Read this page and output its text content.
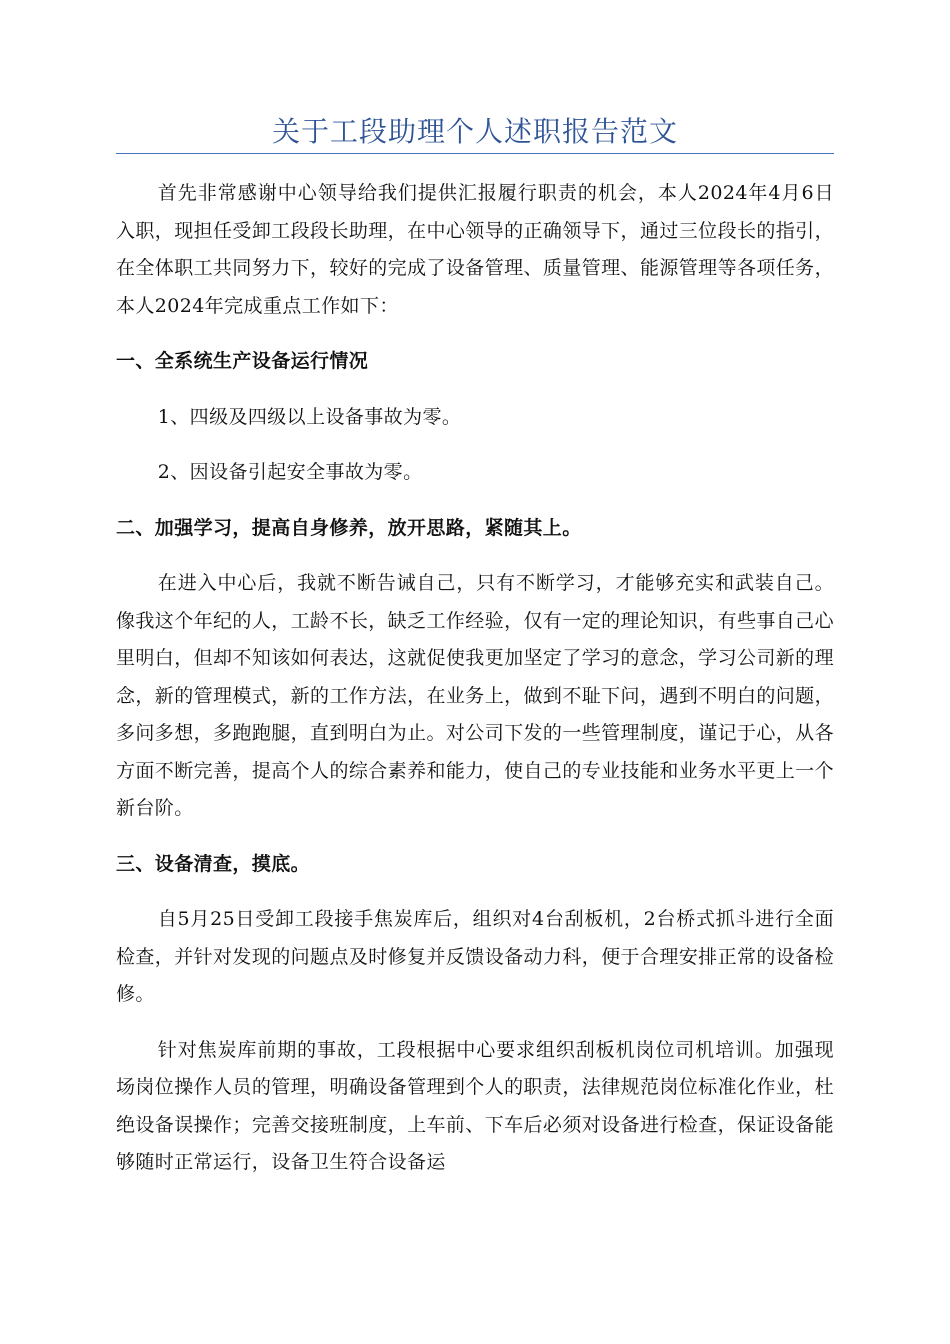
关于工段助理个人述职报告范文

首先非常感谢中心领导给我们提供汇报履行职责的机会，本人2024年4月6日入职，现担任受卸工段段长助理，在中心领导的正确领导下，通过三位段长的指引，在全体职工共同努力下，较好的完成了设备管理、质量管理、能源管理等各项任务，本人2024年完成重点工作如下：

一、全系统生产设备运行情况

1、四级及四级以上设备事故为零。

2、因设备引起安全事故为零。

二、加强学习，提高自身修养，放开思路，紧随其上。

在进入中心后，我就不断告诫自己，只有不断学习，才能够充实和武装自己。像我这个年纪的人，工龄不长，缺乏工作经验，仅有一定的理论知识，有些事自己心里明白，但却不知该如何表达，这就促使我更加坚定了学习的意念，学习公司新的理念，新的管理模式，新的工作方法，在业务上，做到不耻下问，遇到不明白的问题，多问多想，多跑跑腿，直到明白为止。对公司下发的一些管理制度，谨记于心，从各方面不断完善，提高个人的综合素养和能力，使自己的专业技能和业务水平更上一个新台阶。

三、设备清查，摸底。

自5月25日受卸工段接手焦炭库后，组织对4台刮板机，2台桥式抓斗进行全面检查，并针对发现的问题点及时修复并反馈设备动力科，便于合理安排正常的设备检修。

针对焦炭库前期的事故，工段根据中心要求组织刮板机岗位司机培训。加强现场岗位操作人员的管理，明确设备管理到个人的职责，法律规范岗位标准化作业，杜绝设备误操作；完善交接班制度，上车前、下车后必须对设备进行检查，保证设备能够随时正常运行，设备卫生符合设备运
